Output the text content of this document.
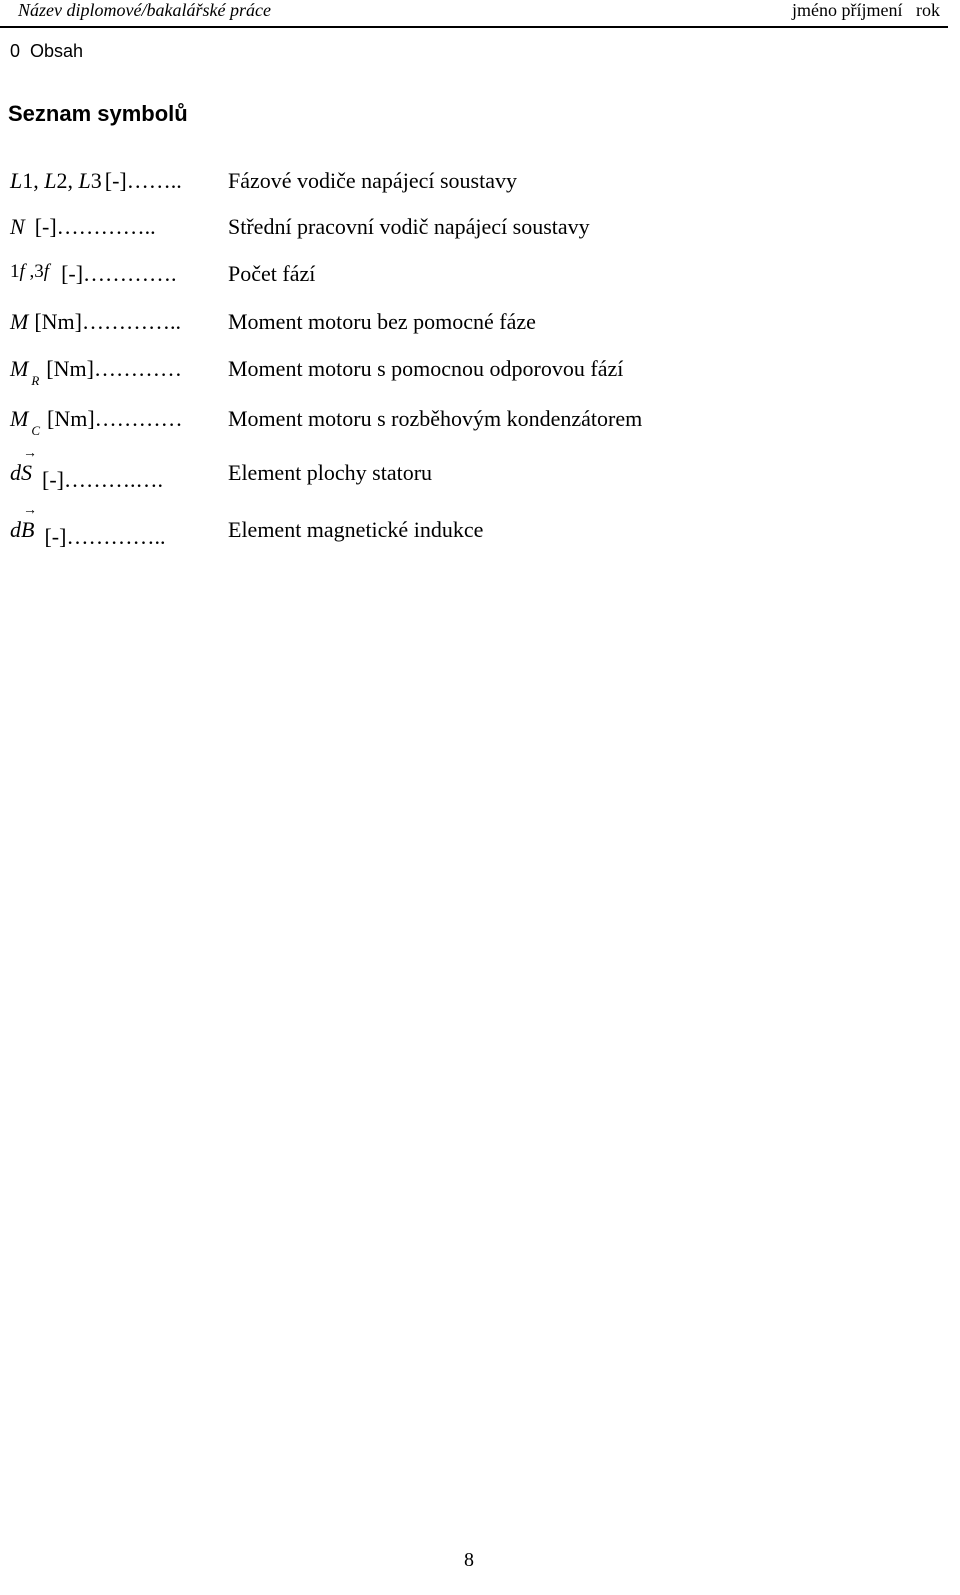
Název diplomové/bakalářské práce	jméno příjmení rok
0 Obsah
Seznam symbolů
L1, L2, L3 [-]…….. Fázové vodiče napájecí soustavy
N [-]…………..	Střední pracovní vodič napájecí soustavy
1f ,3f [-]…………. Počet fází
M [Nm]………….. Moment motoru bez pomocné fáze
M $_R$ [Nm]………… Moment motoru s pomocnou odporovou fází
M $_C$ [Nm]………… Moment motoru s rozběhovým kondenzátorem
d
→
S [-]……….….	Element plochy statoru
d
→
B [-]…………..	Element magnetické indukce
8
